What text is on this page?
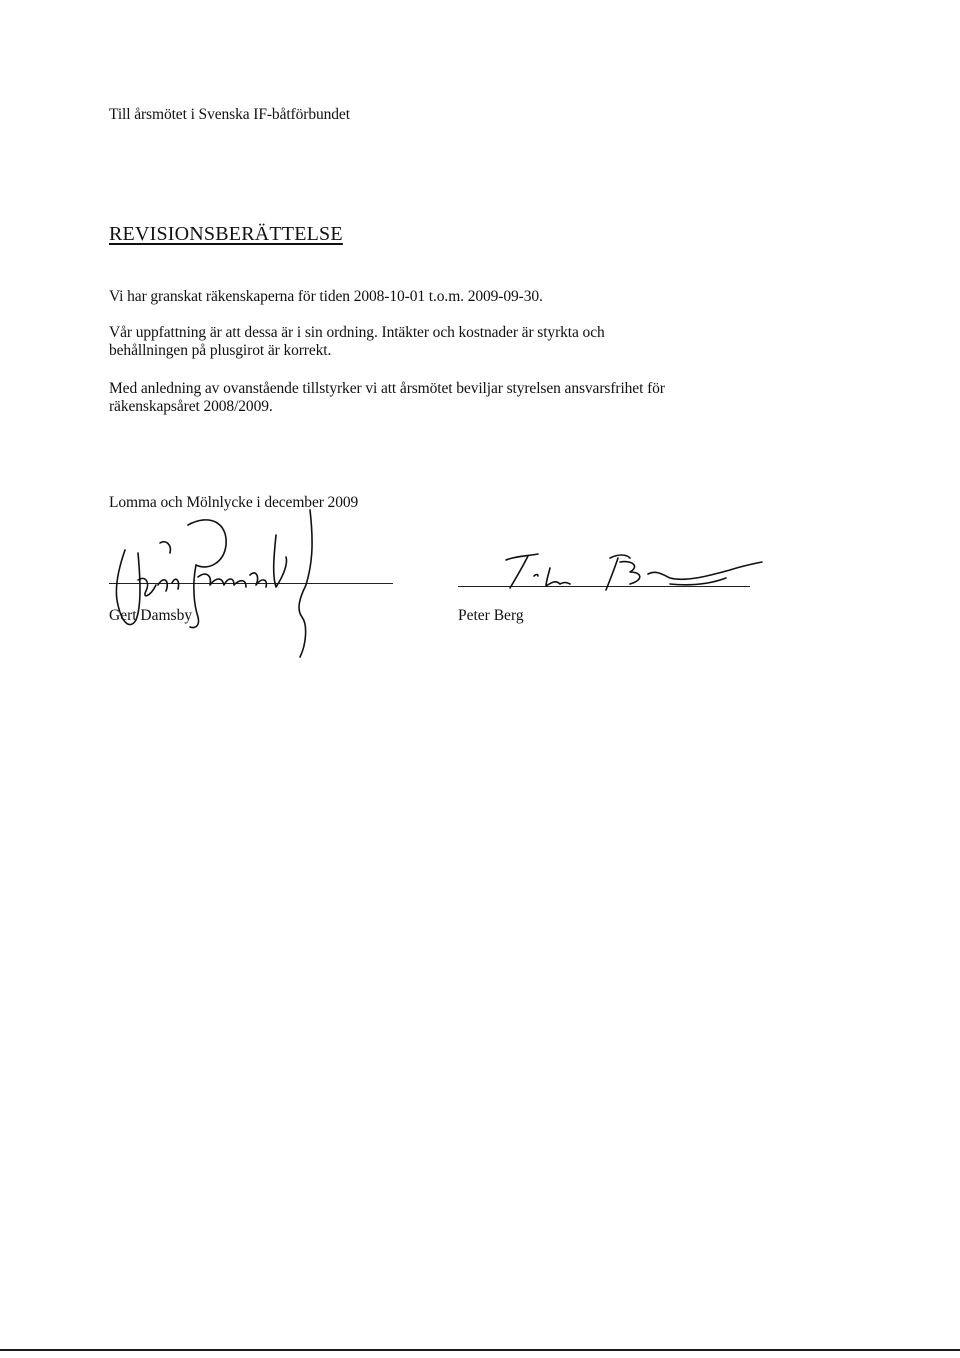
Till årsmötet i Svenska IF-båtförbundet
REVISIONSBERÄTTELSE
Vi har granskat räkenskaperna för tiden 2008-10-01 t.o.m. 2009-09-30.
Vår uppfattning är att dessa är i sin ordning. Intäkter och kostnader är styrkta och
behållningen på plusgirot är korrekt.
Med anledning av ovanstående tillstyrker vi att årsmötet beviljar styrelsen ansvarsfrihet för
räkenskapsåret 2008/2009.
Lomma och Mölnlycke i december 2009
Gert Damsby	Peter Berg
